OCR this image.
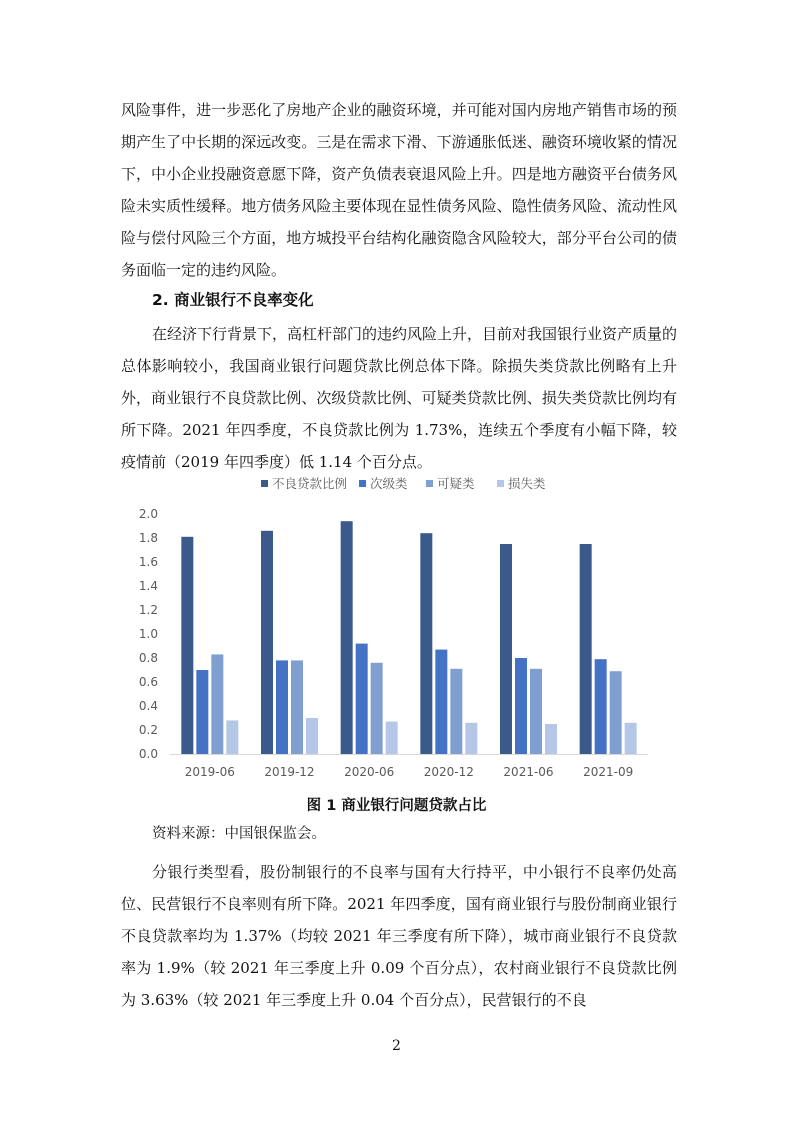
风险事件，进一步恶化了房地产企业的融资环境，并可能对国内房地产销售市场的预期产生了中长期的深远改变。三是在需求下滑、下游通胀低迷、融资环境收紧的情况下，中小企业投融资意愿下降，资产负债表衰退风险上升。四是地方融资平台债务风险未实质性缓释。地方债务风险主要体现在显性债务风险、隐性债务风险、流动性风险与偿付风险三个方面，地方城投平台结构化融资隐含风险较大，部分平台公司的债务面临一定的违约风险。

2. 商业银行不良率变化

在经济下行背景下，高杠杆部门的违约风险上升，目前对我国银行业资产质量的总体影响较小，我国商业银行问题贷款比例总体下降。除损失类贷款比例略有上升外，商业银行不良贷款比例、次级贷款比例、可疑类贷款比例、损失类贷款比例均有所下降。2021 年四季度，不良贷款比例为 1.73%，连续五个季度有小幅下降，较疫情前（2019 年四季度）低 1.14 个百分点。

不良贷款比例 次级类 可疑类	损失类
2.0
1.8
1.6
1.4
1.2
1.0
0.8
0.6
0.4
0.2
0.0
2019-06 2019-12 2020-06 2020-12 2021-06 2021-09

图 1 商业银行问题贷款占比

资料来源：中国银保监会。

分银行类型看，股份制银行的不良率与国有大行持平，中小银行不良率仍处高位、民营银行不良率则有所下降。2021 年四季度，国有商业银行与股份制商业银行不良贷款率均为 1.37%（均较 2021 年三季度有所下降），城市商业银行不良贷款率为 1.9%（较 2021 年三季度上升 0.09 个百分点），农村商业银行不良贷款比例为 3.63%（较 2021 年三季度上升 0.04 个百分点），民营银行的不良

2
